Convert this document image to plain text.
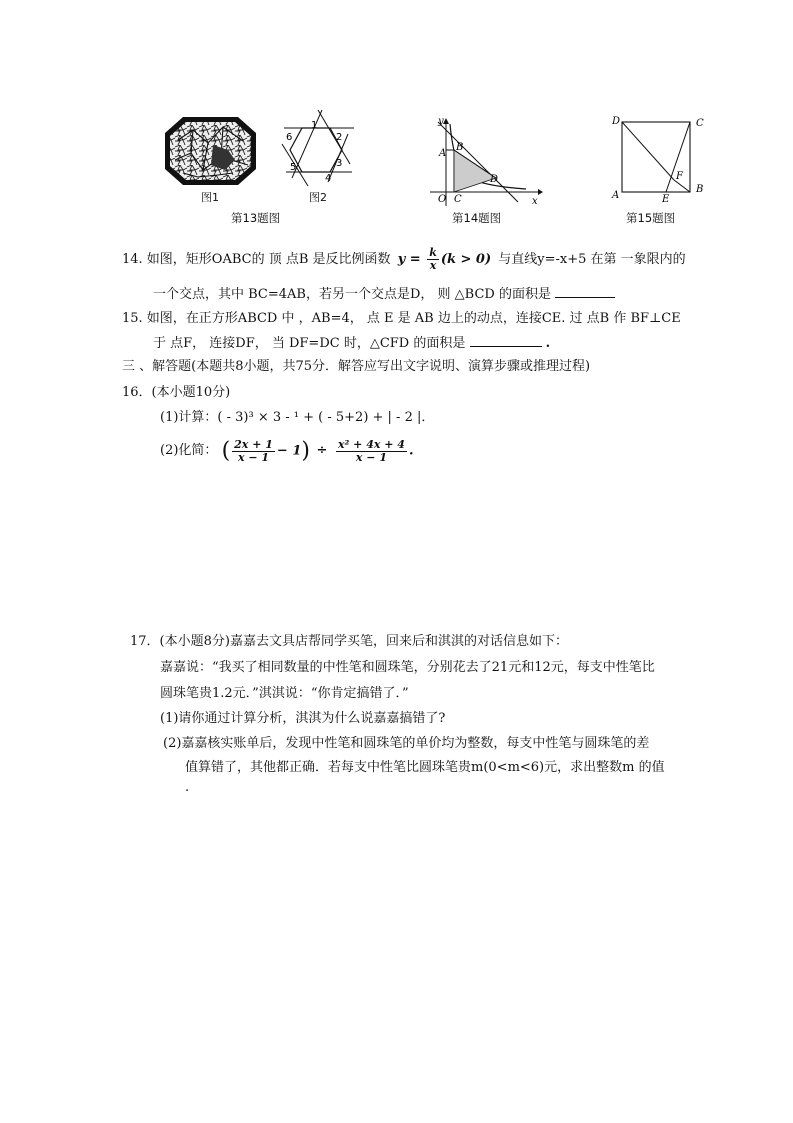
图1
1
2
3
4
5
6
图2
第13题图
y
x
A
B
O C
D
第14题图
D	C
A
B
E
F
第15题图
14. 如图，矩形OABC的 顶 点B 是反比例函数 $y = \frac{k}{x} (k > 0)$ 与直线y=-x+5 在第 一象限内的
一个交点，其中 BC=4AB，若另一个交点是D， 则 △BCD 的面积是
15. 如图，在正方形ABCD 中 ，AB=4， 点 E 是 AB 边上的动点，连接CE. 过 点B 作 BF⊥CE
于 点F， 连接DF， 当 DF=DC 时，△CFD 的面积是	.
三 、解答题(本题共8小题，共75分．解答应写出文字说明、演算步骤或推理过程)
16．(本小题10分)
(1)计算：( - 3)³ × 3 - ¹ + ( - 5+2) + | - 2 |．
(2)化简： ( $\frac{2x + 1}{x - 1} - 1) \div \frac{\text{x² + 4x + 4}}{x - 1}$ .
17．(本小题8分)嘉嘉去文具店帮同学买笔，回来后和淇淇的对话信息如下：
嘉嘉说：“我买了相同数量的中性笔和圆珠笔，分别花去了21元和12元，每支中性笔比
圆珠笔贵1.2元．”淇淇说：“你肯定搞错了．”
(1)请你通过计算分析，淇淇为什么说嘉嘉搞错了?
(2)嘉嘉核实账单后，发现中性笔和圆珠笔的单价均为整数，每支中性笔与圆珠笔的差
值算错了，其他都正确．若每支中性笔比圆珠笔贵m(0<m<6)元，求出整数m 的值
.
